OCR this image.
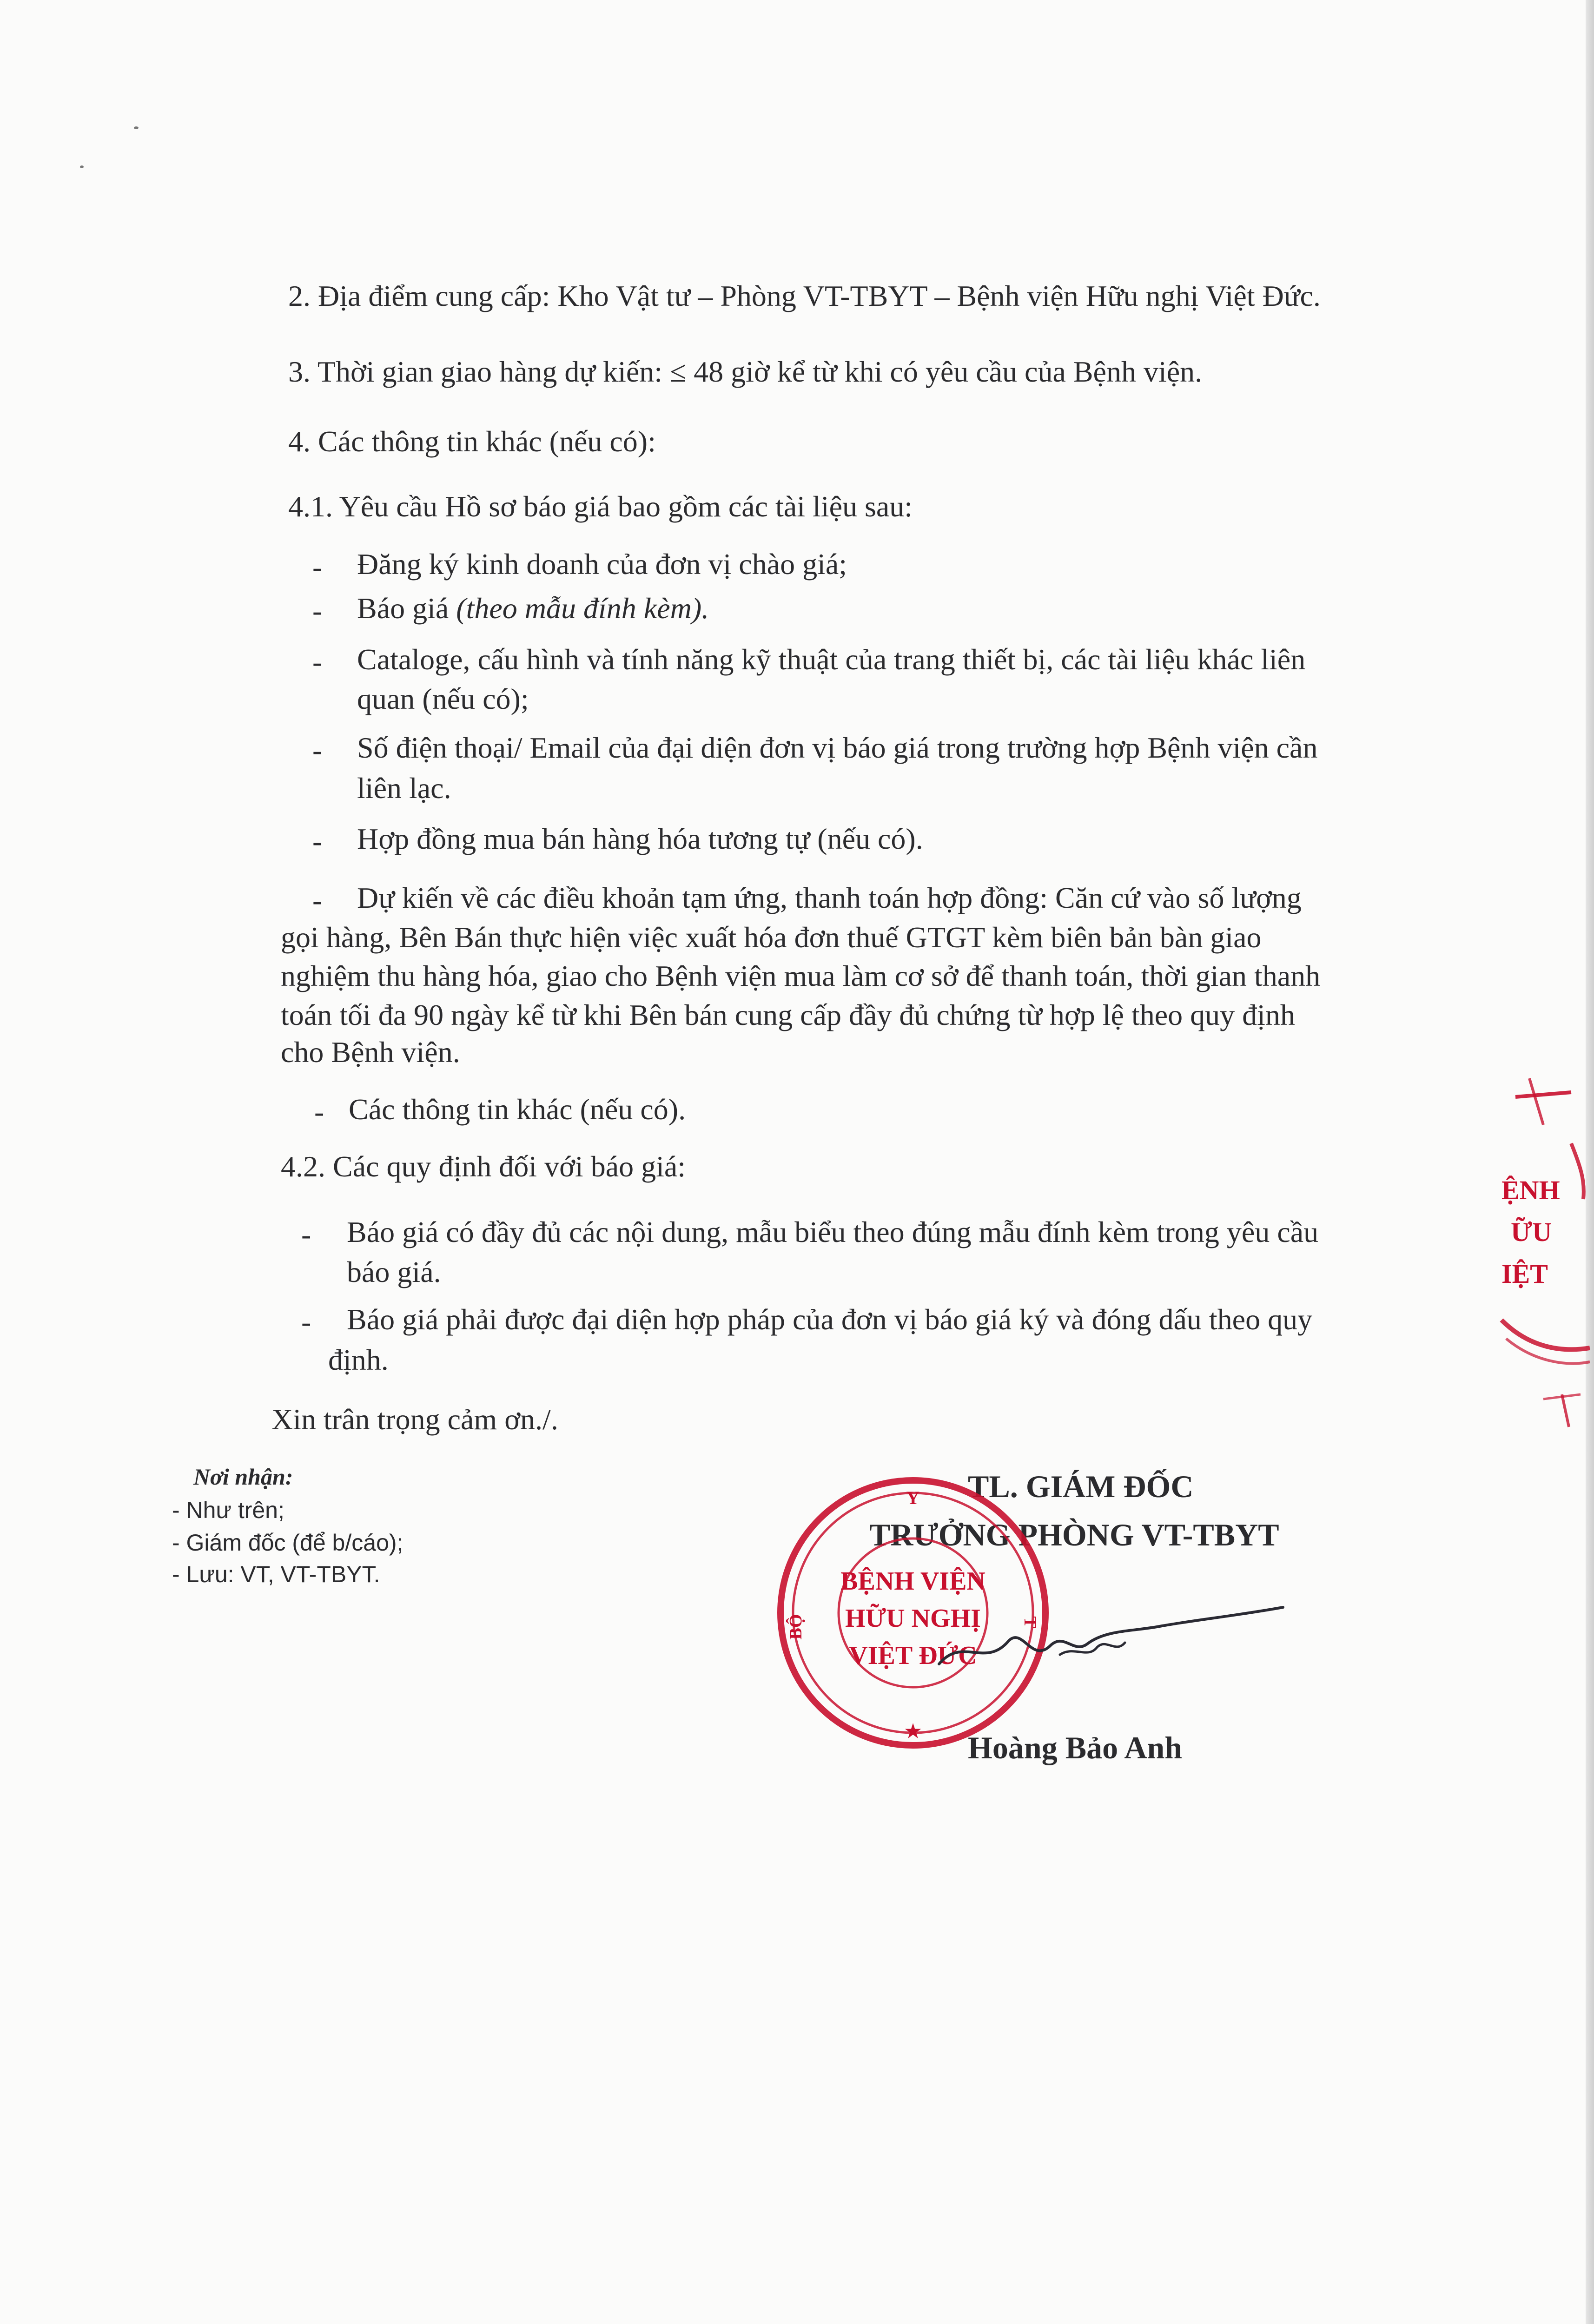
2. Địa điểm cung cấp: Kho Vật tư – Phòng VT-TBYT – Bệnh viện Hữu nghị Việt Đức.
3. Thời gian giao hàng dự kiến: ≤ 48 giờ kể từ khi có yêu cầu của Bệnh viện.
4. Các thông tin khác (nếu có):
4.1. Yêu cầu Hồ sơ báo giá bao gồm các tài liệu sau:
- Đăng ký kinh doanh của đơn vị chào giá;
- Báo giá (theo mẫu đính kèm).
- Cataloge, cấu hình và tính năng kỹ thuật của trang thiết bị, các tài liệu khác liên
quan (nếu có);
- Số điện thoại/ Email của đại diện đơn vị báo giá trong trường hợp Bệnh viện cần
liên lạc.
- Hợp đồng mua bán hàng hóa tương tự (nếu có).
- Dự kiến về các điều khoản tạm ứng, thanh toán hợp đồng: Căn cứ vào số lượng
gọi hàng, Bên Bán thực hiện việc xuất hóa đơn thuế GTGT kèm biên bản bàn giao
nghiệm thu hàng hóa, giao cho Bệnh viện mua làm cơ sở để thanh toán, thời gian thanh
toán tối đa 90 ngày kể từ khi Bên bán cung cấp đầy đủ chứng từ hợp lệ theo quy định
cho Bệnh viện.
- Các thông tin khác (nếu có).
4.2. Các quy định đối với báo giá:
- Báo giá có đầy đủ các nội dung, mẫu biểu theo đúng mẫu đính kèm trong yêu cầu
báo giá.
- Báo giá phải được đại diện hợp pháp của đơn vị báo giá ký và đóng dấu theo quy
định.
Xin trân trọng cảm ơn./.
Nơi nhận:
- Như trên;
- Giám đốc (để b/cáo);
- Lưu: VT, VT-TBYT.
TL. GIÁM ĐỐC
TRƯỞNG PHÒNG VT-TBYT
Y
BỘ	T
BỆNH VIỆN
HỮU NGHỊ
VIỆT ĐỨC
★ Hoàng Bảo Anh
ỆNH
ỮU
IỆT
